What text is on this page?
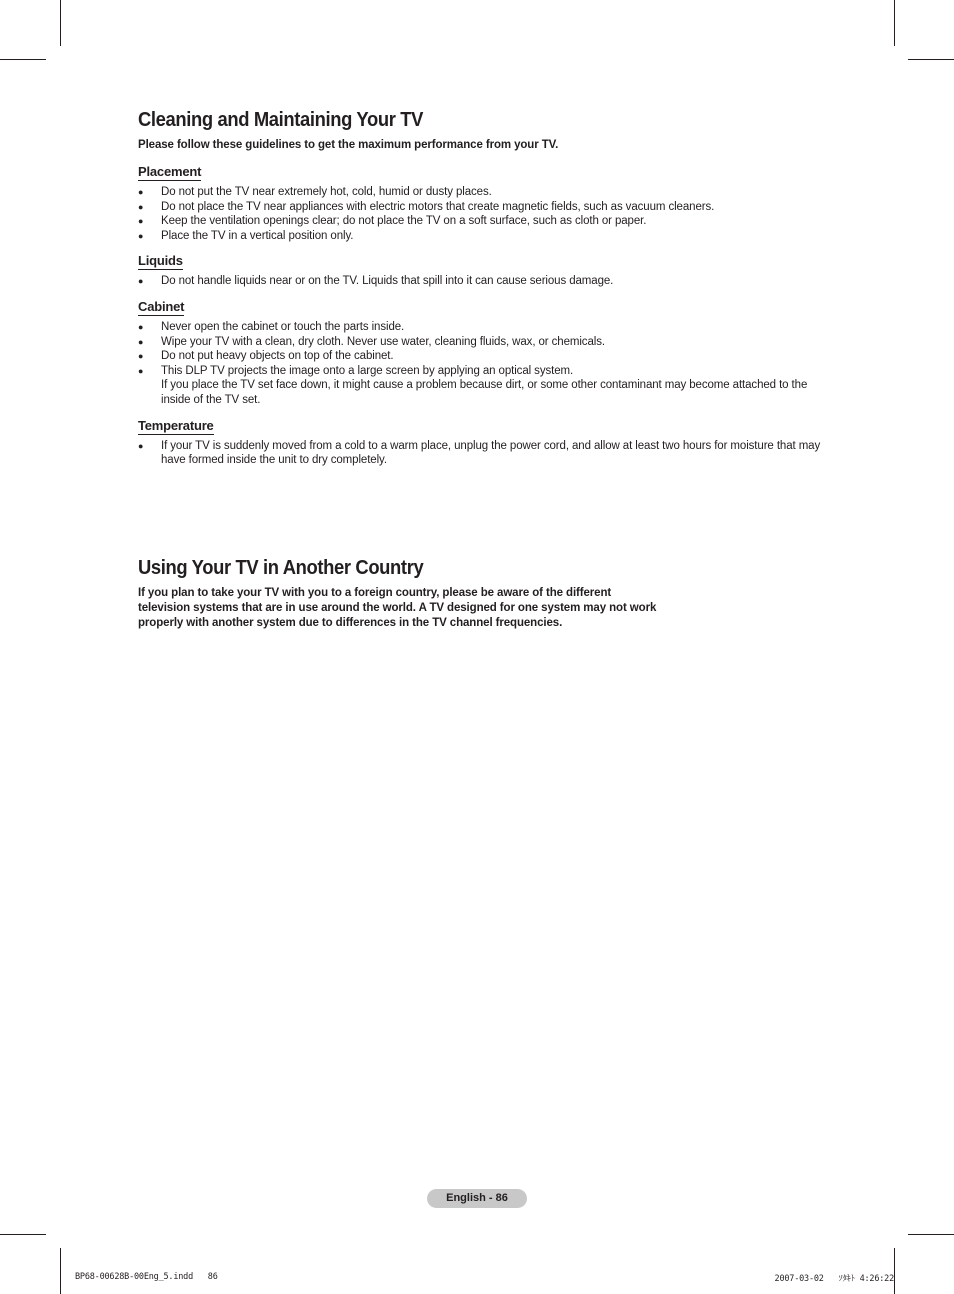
Cleaning and Maintaining Your TV

Please follow these guidelines to get the maximum performance from your TV.

Placement
● Do not put the TV near extremely hot, cold, humid or dusty places.
● Do not place the TV near appliances with electric motors that create magnetic fields, such as vacuum cleaners.
● Keep the ventilation openings clear; do not place the TV on a soft surface, such as cloth or paper.
● Place the TV in a vertical position only.
Liquids
● Do not handle liquids near or on the TV. Liquids that spill into it can cause serious damage.
Cabinet
● Never open the cabinet or touch the parts inside.
● Wipe your TV with a clean, dry cloth. Never use water, cleaning fluids, wax, or chemicals.
● Do not put heavy objects on top of the cabinet.
● This DLP TV projects the image onto a large screen by applying an optical system.
If you place the TV set face down, it might cause a problem because dirt, or some other contaminant may become attached to the inside of the TV set.
Temperature
● If your TV is suddenly moved from a cold to a warm place, unplug the power cord, and allow at least two hours for moisture that may have formed inside the unit to dry completely.
Using Your TV in Another Country

If you plan to take your TV with you to a foreign country, please be aware of the different
television systems that are in use around the world. A TV designed for one system may not work
properly with another system due to differences in the TV channel frequencies.

English - 86
BP68-00628B-00Eng_5.indd   86	2007-03-02   ｿﾀｷﾄ 4:26:22
